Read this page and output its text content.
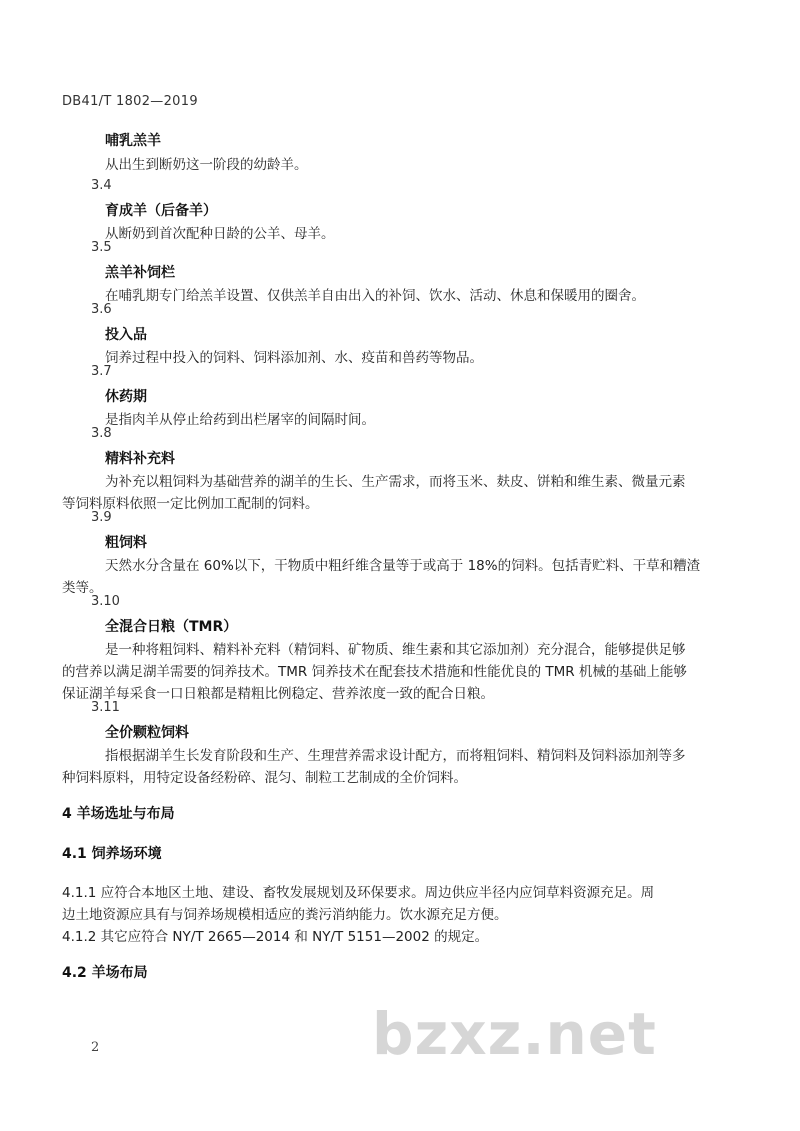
DB41/T 1802—2019
哺乳羔羊
从出生到断奶这一阶段的幼龄羊。
3.4
育成羊（后备羊）
从断奶到首次配种日龄的公羊、母羊。
3.5
羔羊补饲栏
在哺乳期专门给羔羊设置、仅供羔羊自由出入的补饲、饮水、活动、休息和保暖用的圈舍。
3.6
投入品
饲养过程中投入的饲料、饲料添加剂、水、疫苗和兽药等物品。
3.7
休药期
是指肉羊从停止给药到出栏屠宰的间隔时间。
3.8
精料补充料
为补充以粗饲料为基础营养的湖羊的生长、生产需求，而将玉米、麸皮、饼粕和维生素、微量元素
等饲料原料依照一定比例加工配制的饲料。
3.9
粗饲料
天然水分含量在 60%以下，干物质中粗纤维含量等于或高于 18%的饲料。包括青贮料、干草和糟渣
类等。
3.10
全混合日粮（TMR）
是一种将粗饲料、精料补充料（精饲料、矿物质、维生素和其它添加剂）充分混合，能够提供足够
的营养以满足湖羊需要的饲养技术。TMR 饲养技术在配套技术措施和性能优良的 TMR 机械的基础上能够
保证湖羊每采食一口日粮都是精粗比例稳定、营养浓度一致的配合日粮。
3.11
全价颗粒饲料
指根据湖羊生长发育阶段和生产、生理营养需求设计配方，而将粗饲料、精饲料及饲料添加剂等多
种饲料原料，用特定设备经粉碎、混匀、制粒工艺制成的全价饲料。
4 羊场选址与布局
4.1 饲养场环境
4.1.1 应符合本地区土地、建设、畜牧发展规划及环保要求。周边供应半径内应饲草料资源充足。周
边土地资源应具有与饲养场规模相适应的粪污消纳能力。饮水源充足方便。
4.1.2 其它应符合 NY/T 2665—2014 和 NY/T 5151—2002 的规定。
4.2 羊场布局
bzxz.net
2
